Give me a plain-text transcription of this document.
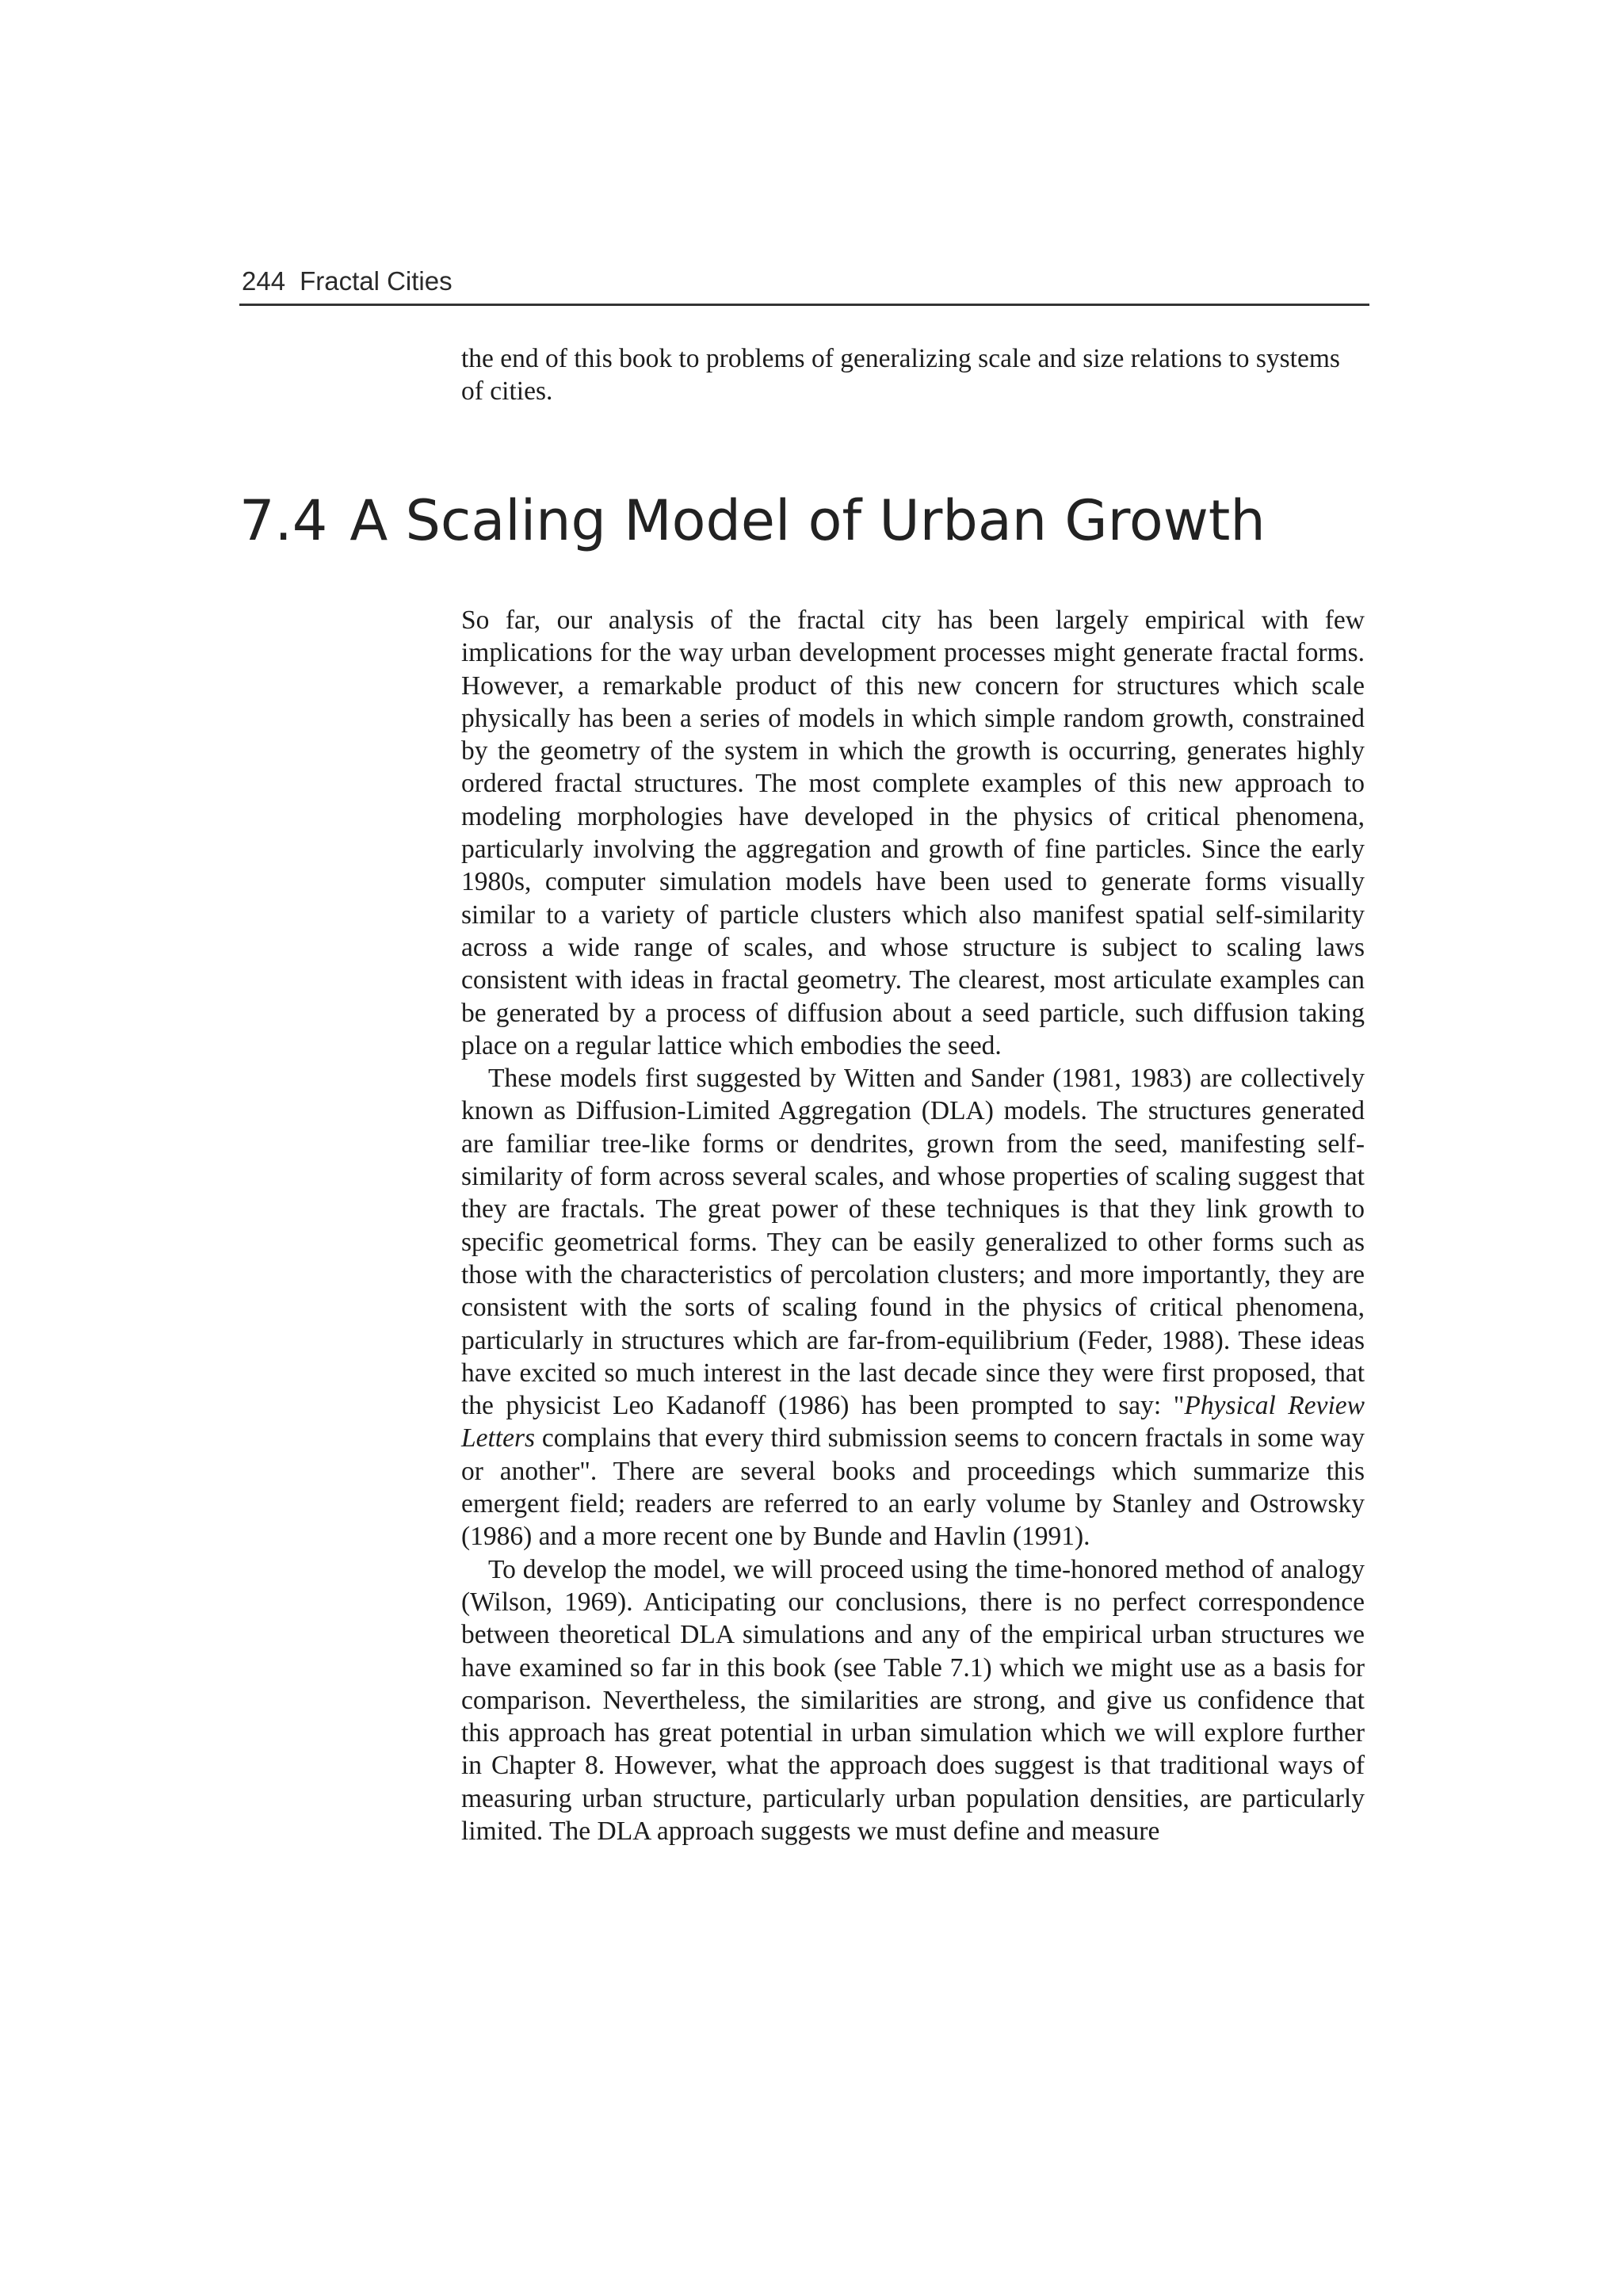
244 Fractal Cities

the end of this book to problems of generalizing scale and size relations to systems of cities.

7.4 A Scaling Model of Urban Growth

So far, our analysis of the fractal city has been largely empirical with few implications for the way urban development processes might generate fractal forms. However, a remarkable product of this new concern for structures which scale physically has been a series of models in which simple random growth, constrained by the geometry of the system in which the growth is occurring, generates highly ordered fractal structures. The most complete examples of this new approach to modeling morphologies have developed in the physics of critical phenomena, particularly involving the aggregation and growth of fine particles. Since the early 1980s, computer simulation models have been used to generate forms visually similar to a variety of particle clusters which also manifest spatial self-similarity across a wide range of scales, and whose structure is subject to scaling laws consistent with ideas in fractal geometry. The clearest, most articulate examples can be generated by a process of diffusion about a seed particle, such diffusion taking place on a regular lattice which embodies the seed.

These models first suggested by Witten and Sander (1981, 1983) are collectively known as Diffusion-Limited Aggregation (DLA) models. The structures generated are familiar tree-like forms or dendrites, grown from the seed, manifesting self-similarity of form across several scales, and whose properties of scaling suggest that they are fractals. The great power of these techniques is that they link growth to specific geometrical forms. They can be easily generalized to other forms such as those with the characteristics of percolation clusters; and more importantly, they are consistent with the sorts of scaling found in the physics of critical phenomena, particularly in structures which are far-from-equilibrium (Feder, 1988). These ideas have excited so much interest in the last decade since they were first proposed, that the physicist Leo Kadanoff (1986) has been prompted to say: "Physical Review Letters complains that every third submission seems to concern fractals in some way or another". There are several books and proceedings which summarize this emergent field; readers are referred to an early volume by Stanley and Ostrowsky (1986) and a more recent one by Bunde and Havlin (1991).

To develop the model, we will proceed using the time-honored method of analogy (Wilson, 1969). Anticipating our conclusions, there is no perfect correspondence between theoretical DLA simulations and any of the empirical urban structures we have examined so far in this book (see Table 7.1) which we might use as a basis for comparison. Nevertheless, the similarities are strong, and give us confidence that this approach has great potential in urban simulation which we will explore further in Chapter 8. However, what the approach does suggest is that traditional ways of measuring urban structure, particularly urban population densities, are particularly limited. The DLA approach suggests we must define and measure
